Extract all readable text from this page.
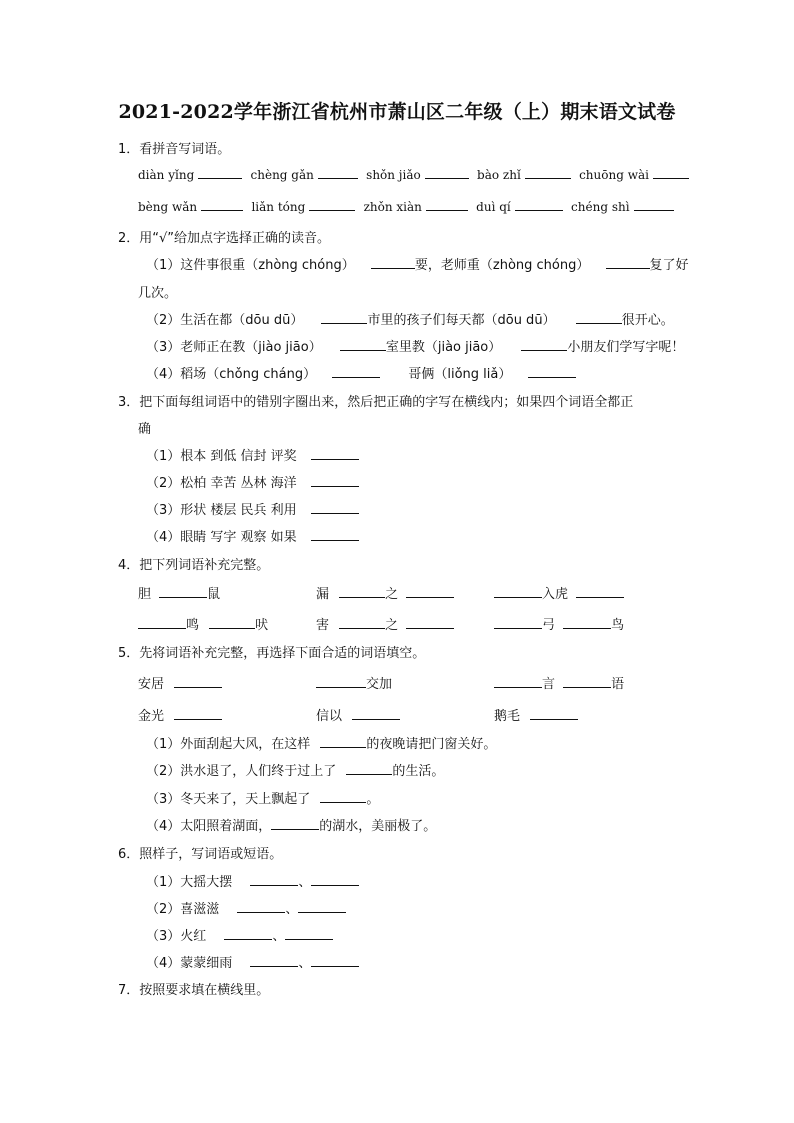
2021-2022学年浙江省杭州市萧山区二年级（上）期末语文试卷
1．看拼音写词语。
diàn yǐng	chèng gǎn	shǒn jiǎo	bào zhǐ	chuōng wài
bèng wǎn	liǎn tóng	zhǒn xiàn	duì qí	chéng shì
2．用“√”给加点字选择正确的读音。
（1）这件事很重（zhòng chóng）	要，老师重（zhòng chóng）	复了好
几次。
（2）生活在都（dōu dū）	市里的孩子们每天都（dōu dū）	很开心。
（3）老师正在教（jiào jiāo）	室里教（jiào jiāo）	小朋友们学写字呢！
（4）稻场（chǒng cháng）	哥俩（liǒng liǎ）
3．把下面每组词语中的错别字圈出来，然后把正确的字写在横线内；如果四个词语全都正
确
（1）根本 到低 信封 评奖
（2）松柏 幸苦 丛林 海洋
（3）形状 楼层 民兵 利用
（4）眼睛 写字 观察 如果
4．把下列词语补充完整。
胆	鼠	漏	之	入虎
鸣	吠	害	之	弓	鸟
5．先将词语补充完整，再选择下面合适的词语填空。
安居	交加	言	语
金光	信以	鹅毛
（1）外面刮起大风，在这样	的夜晚请把门窗关好。
（2）洪水退了，人们终于过上了	的生活。
（3）冬天来了，天上飘起了	。
（4）太阳照着湖面，	的湖水，美丽极了。
6．照样子，写词语或短语。
（1）大摇大摆	、
（2）喜滋滋	、
（3）火红	、
（4）蒙蒙细雨	、
7．按照要求填在横线里。
